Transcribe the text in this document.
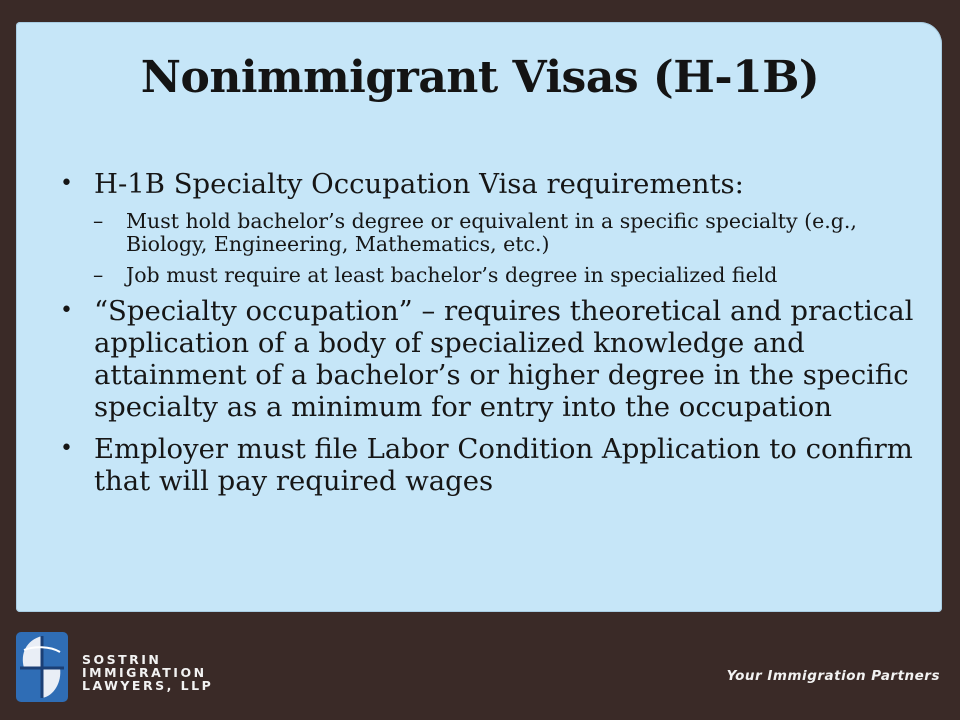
Nonimmigrant Visas (H-1B)
• H-1B Specialty Occupation Visa requirements:
– Must hold bachelor’s degree or equivalent in a specific specialty (e.g., Biology, Engineering, Mathematics, etc.)
– Job must require at least bachelor’s degree in specialized field
• “Specialty occupation” – requires theoretical and practical application of a body of specialized knowledge and attainment of a bachelor’s or higher degree in the specific specialty as a minimum for entry into the occupation
• Employer must file Labor Condition Application to confirm that will pay required wages
SOSTRIN
IMMIGRATION
LAWYERS, LLP
Your Immigration Partners
